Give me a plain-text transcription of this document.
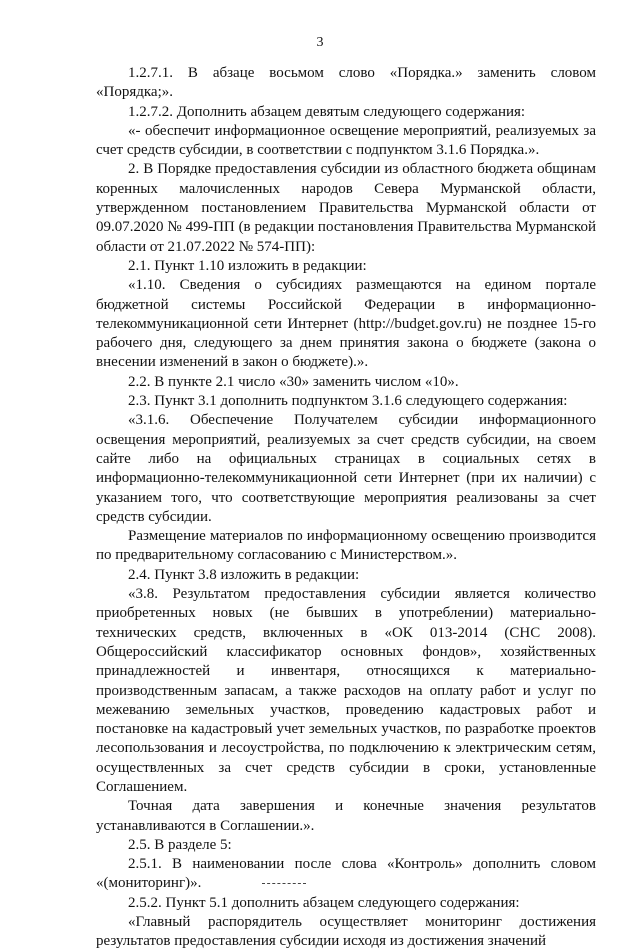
3

1.2.7.1. В абзаце восьмом слово «Порядка.» заменить словом «Порядка;».

1.2.7.2. Дополнить абзацем девятым следующего содержания:

«- обеспечит информационное освещение мероприятий, реализуемых за счет средств субсидии, в соответствии с подпунктом 3.1.6 Порядка.».

2. В Порядке предоставления субсидии из областного бюджета общинам коренных малочисленных народов Севера Мурманской области, утвержденном постановлением Правительства Мурманской области от 09.07.2020 № 499-ПП (в редакции постановления Правительства Мурманской области от 21.07.2022 № 574-ПП):

2.1. Пункт 1.10 изложить в редакции:

«1.10. Сведения о субсидиях размещаются на едином портале бюджетной системы Российской Федерации в информационно-телекоммуникационной сети Интернет (http://budget.gov.ru) не позднее 15-го рабочего дня, следующего за днем принятия закона о бюджете (закона о внесении изменений в закон о бюджете).».

2.2. В пункте 2.1 число «30» заменить числом «10».

2.3. Пункт 3.1 дополнить подпунктом 3.1.6 следующего содержания:

«3.1.6. Обеспечение Получателем субсидии информационного освещения мероприятий, реализуемых за счет средств субсидии, на своем сайте либо на официальных страницах в социальных сетях в информационно-телекоммуникационной сети Интернет (при их наличии) с указанием того, что соответствующие мероприятия реализованы за счет средств субсидии.

Размещение материалов по информационному освещению производится по предварительному согласованию с Министерством.».

2.4. Пункт 3.8 изложить в редакции:

«3.8. Результатом предоставления субсидии является количество приобретенных новых (не бывших в употреблении) материально-технических средств, включенных в «ОК 013-2014 (СНС 2008). Общероссийский классификатор основных фондов», хозяйственных принадлежностей и инвентаря, относящихся к материально-производственным запасам, а также расходов на оплату работ и услуг по межеванию земельных участков, проведению кадастровых работ и постановке на кадастровый учет земельных участков, по разработке проектов лесопользования и лесоустройства, по подключению к электрическим сетям, осуществленных за счет средств субсидии в сроки, установленные Соглашением.

Точная дата завершения и конечные значения результатов устанавливаются в Соглашении.».

2.5. В разделе 5:

2.5.1. В наименовании после слова «Контроль» дополнить словом «(мониторинг)».

2.5.2. Пункт 5.1 дополнить абзацем следующего содержания:

«Главный распорядитель осуществляет мониторинг достижения результатов предоставления субсидии исходя из достижения значений
